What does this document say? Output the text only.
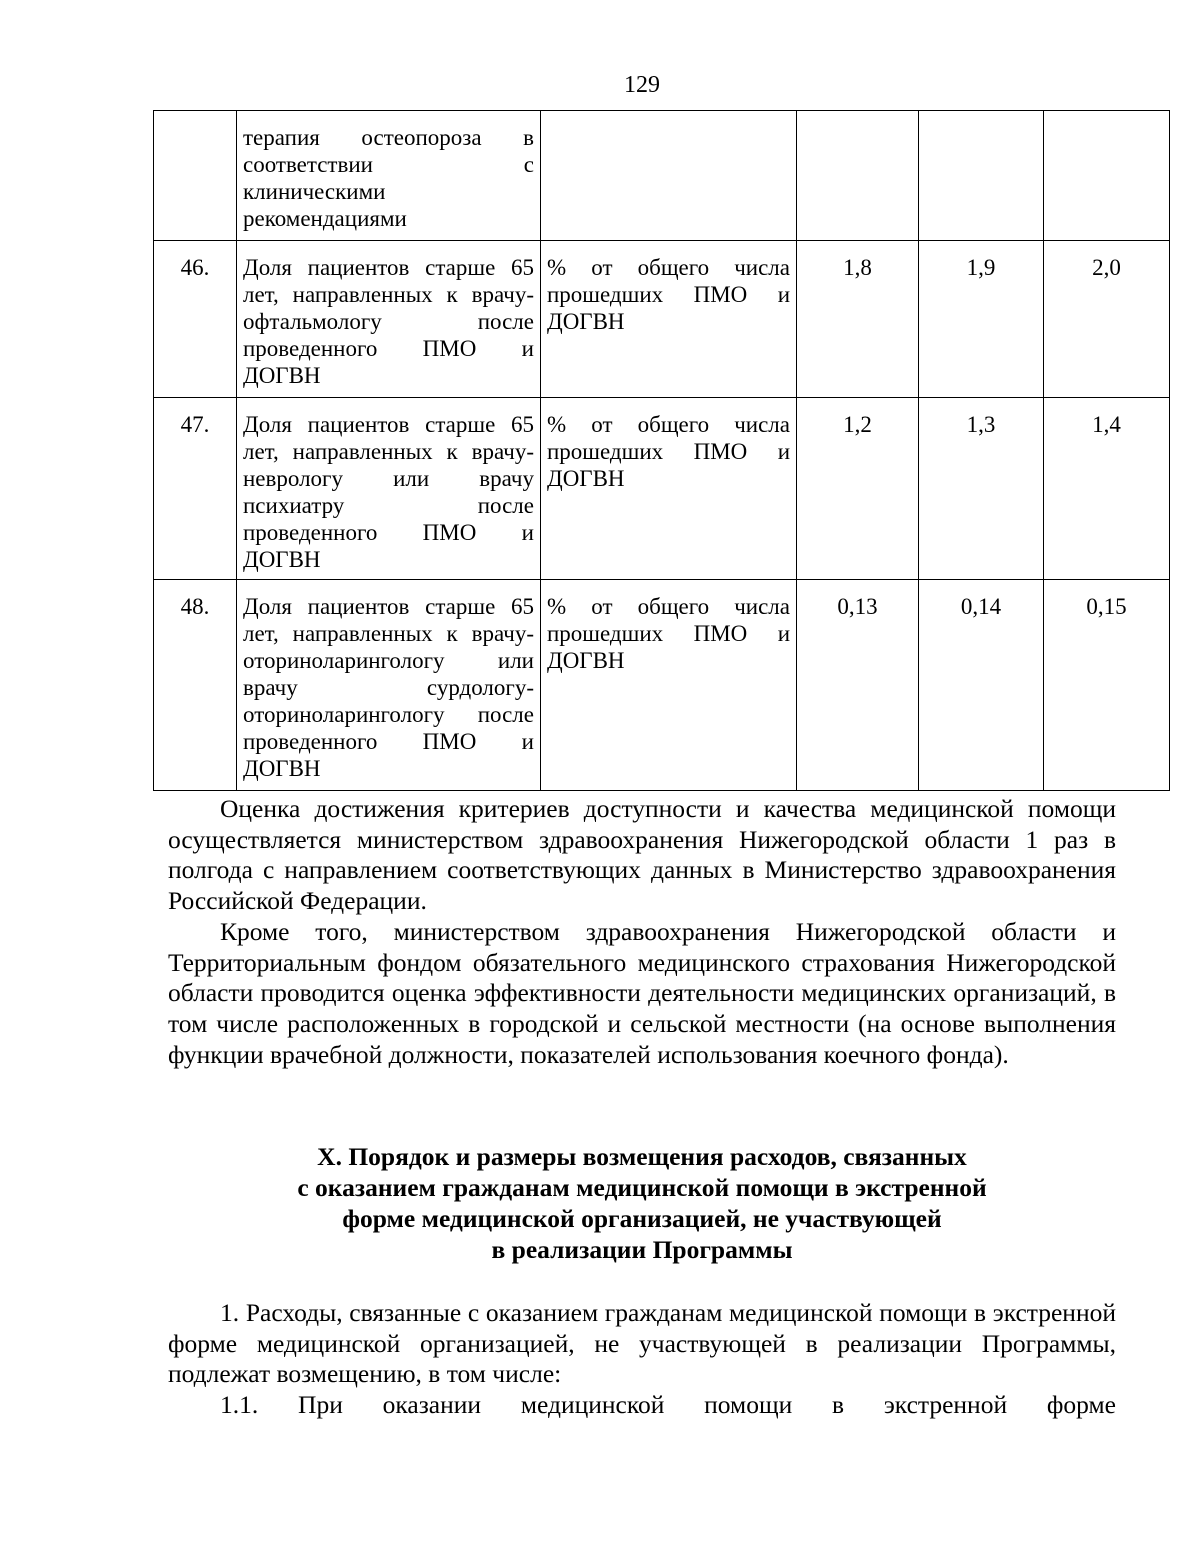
129
	терапия остеопороза в соответствии с клиническими рекомендациями				
46.	Доля пациентов старше 65 лет, направленных к врачу-офтальмологу после проведенного ПМО и ДОГВН	% от общего числа прошедших ПМО и ДОГВН	1,8	1,9	2,0
47.	Доля пациентов старше 65 лет, направленных к врачу-неврологу или врачу психиатру после проведенного ПМО и ДОГВН	% от общего числа прошедших ПМО и ДОГВН	1,2	1,3	1,4
48.	Доля пациентов старше 65 лет, направленных к врачу-оториноларингологу или врачу сурдологу-оториноларингологу после проведенного ПМО и ДОГВН	% от общего числа прошедших ПМО и ДОГВН	0,13	0,14	0,15

Оценка достижения критериев доступности и качества медицинской помощи осуществляется министерством здравоохранения Нижегородской области 1 раз в полгода с направлением соответствующих данных в Министерство здравоохранения Российской Федерации.

Кроме того, министерством здравоохранения Нижегородской области и Территориальным фондом обязательного медицинского страхования Нижегородской области проводится оценка эффективности деятельности медицинских организаций, в том числе расположенных в городской и сельской местности (на основе выполнения функции врачебной должности, показателей использования коечного фонда).

X. Порядок и размеры возмещения расходов, связанных
с оказанием гражданам медицинской помощи в экстренной
форме медицинской организацией, не участвующей
в реализации Программы

1. Расходы, связанные с оказанием гражданам медицинской помощи в экстренной форме медицинской организацией, не участвующей в реализации Программы, подлежат возмещению, в том числе:

1.1. При оказании медицинской помощи в экстренной форме
